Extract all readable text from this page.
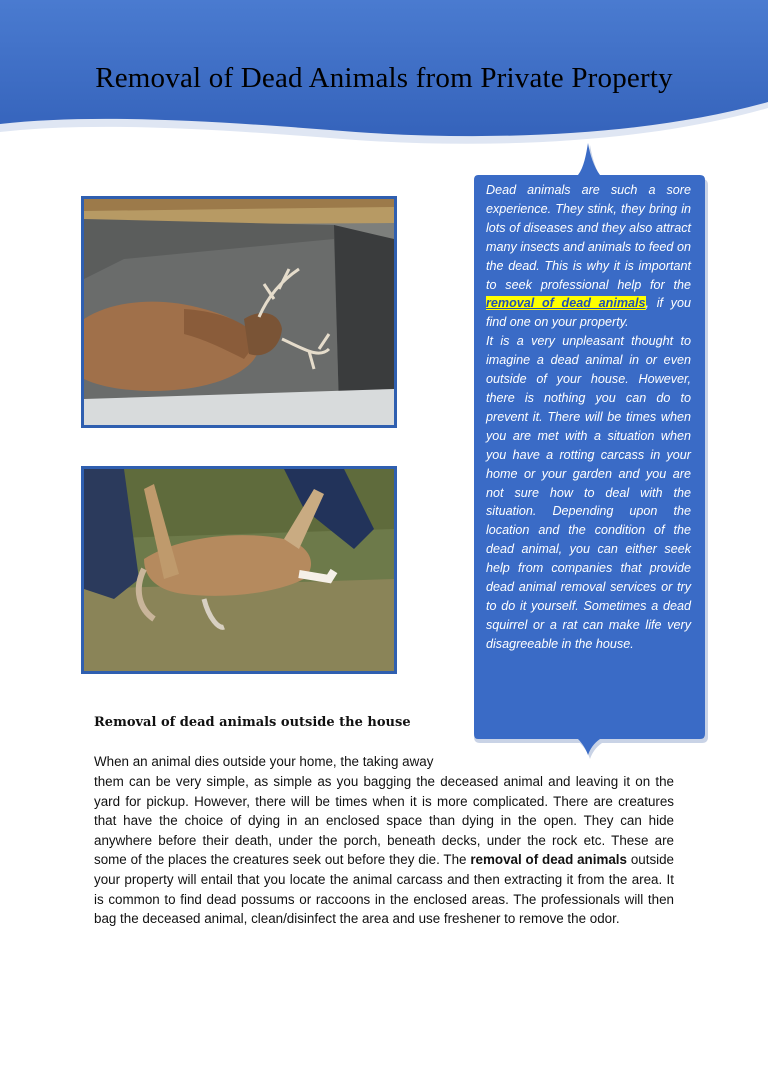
Removal of Dead Animals from Private Property

Dead animals are such a sore experience. They stink, they bring in lots of diseases and they also attract many insects and animals to feed on the dead. This is why it is important to seek professional help for the removal of dead animals, if you find one on your property.

It is a very unpleasant thought to imagine a dead animal in or even outside of your house. However, there is nothing you can do to prevent it. There will be times when you are met with a situation when you have a rotting carcass in your home or your garden and you are not sure how to deal with the situation. Depending upon the location and the condition of the dead animal, you can either seek help from companies that provide dead animal removal services or try to do it yourself. Sometimes a dead squirrel or a rat can make life very disagreeable in the house.

Removal of dead animals outside the house
When an animal dies outside your home, the taking away
them can be very simple, as simple as you bagging the deceased animal and leaving it on the yard for pickup. However, there will be times when it is more complicated. There are creatures that have the choice of dying in an enclosed space than dying in the open. They can hide anywhere before their death, under the porch, beneath decks, under the rock etc. These are some of the places the creatures seek out before they die. The removal of dead animals outside your property will entail that you locate the animal carcass and then extracting it from the area. It is common to find dead possums or raccoons in the enclosed areas. The professionals will then bag the deceased animal, clean/disinfect the area and use freshener to remove the odor.
